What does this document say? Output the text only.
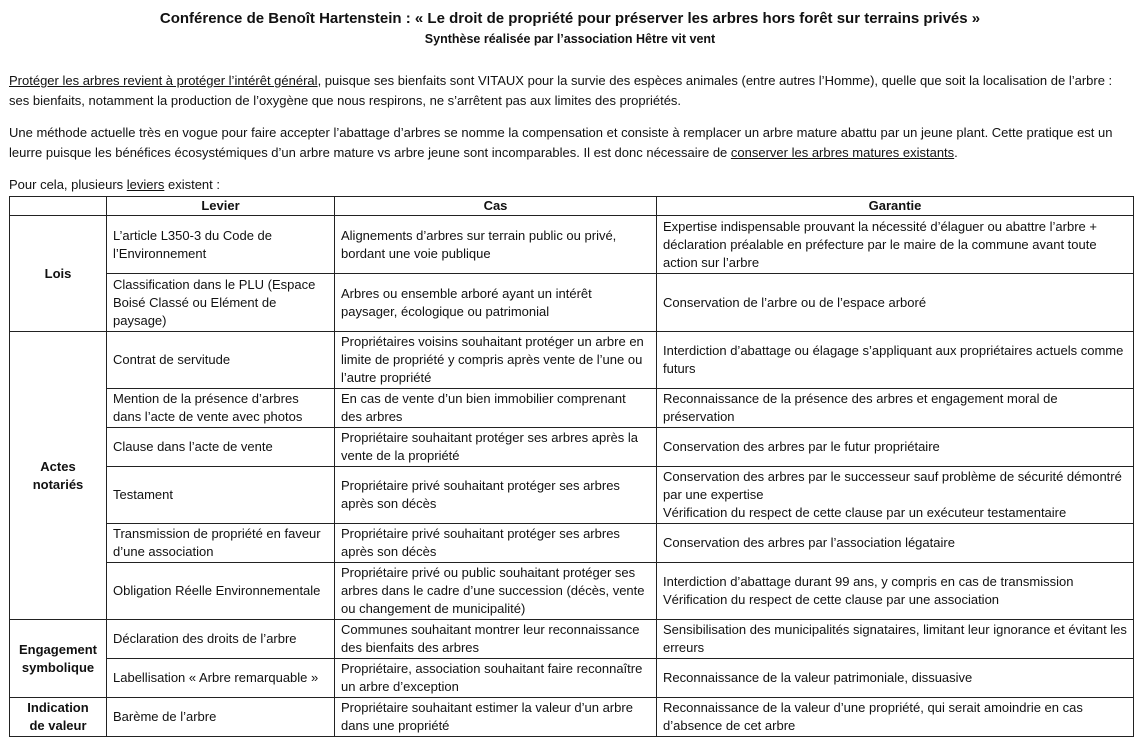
Conférence de Benoît Hartenstein : « Le droit de propriété pour préserver les arbres hors forêt sur terrains privés »
Synthèse réalisée par l’association Hêtre vit vent
Protéger les arbres revient à protéger l’intérêt général, puisque ses bienfaits sont VITAUX pour la survie des espèces animales (entre autres l’Homme), quelle que soit la localisation de l’arbre : ses bienfaits, notamment la production de l’oxygène que nous respirons, ne s’arrêtent pas aux limites des propriétés.
Une méthode actuelle très en vogue pour faire accepter l’abattage d’arbres se nomme la compensation et consiste à remplacer un arbre mature abattu par un jeune plant. Cette pratique est un leurre puisque les bénéfices écosystémiques d’un arbre mature vs arbre jeune sont incomparables. Il est donc nécessaire de conserver les arbres matures existants.
Pour cela, plusieurs leviers existent :
	Levier	Cas	Garantie
Lois	L’article L350-3 du Code de l’Environnement	Alignements d’arbres sur terrain public ou privé, bordant une voie publique	Expertise indispensable prouvant la nécessité d’élaguer ou abattre l’arbre + déclaration préalable en préfecture par le maire de la commune avant toute action sur l’arbre
	Classification dans le PLU (Espace Boisé Classé ou Elément de paysage)	Arbres ou ensemble arboré ayant un intérêt paysager, écologique ou patrimonial	Conservation de l’arbre ou de l’espace arboré
Actes
notariés	Contrat de servitude	Propriétaires voisins souhaitant protéger un arbre en limite de propriété y compris après vente de l’une ou l’autre propriété	Interdiction d’abattage ou élagage s’appliquant aux propriétaires actuels comme futurs
	Mention de la présence d’arbres dans l’acte de vente avec photos	En cas de vente d’un bien immobilier comprenant des arbres	Reconnaissance de la présence des arbres et engagement moral de préservation
	Clause dans l’acte de vente	Propriétaire souhaitant protéger ses arbres après la vente de la propriété	Conservation des arbres par le futur propriétaire
	Testament	Propriétaire privé souhaitant protéger ses arbres après son décès	Conservation des arbres par le successeur sauf problème de sécurité démontré par une expertise
Vérification du respect de cette clause par un exécuteur testamentaire
	Transmission de propriété en faveur d’une association	Propriétaire privé souhaitant protéger ses arbres après son décès	Conservation des arbres par l’association légataire
	Obligation Réelle Environnementale	Propriétaire privé ou public souhaitant protéger ses arbres dans le cadre d’une succession (décès, vente ou changement de municipalité)	Interdiction d’abattage durant 99 ans, y compris en cas de transmission
Vérification du respect de cette clause par une association
Engagement
symbolique	Déclaration des droits de l’arbre	Communes souhaitant montrer leur reconnaissance des bienfaits des arbres	Sensibilisation des municipalités signataires, limitant leur ignorance et évitant les erreurs
	Labellisation « Arbre remarquable »	Propriétaire, association souhaitant faire reconnaître un arbre d’exception	Reconnaissance de la valeur patrimoniale, dissuasive
Indication
de valeur	Barème de l’arbre	Propriétaire souhaitant estimer la valeur d’un arbre dans une propriété	Reconnaissance de la valeur d’une propriété, qui serait amoindrie en cas d’absence de cet arbre
